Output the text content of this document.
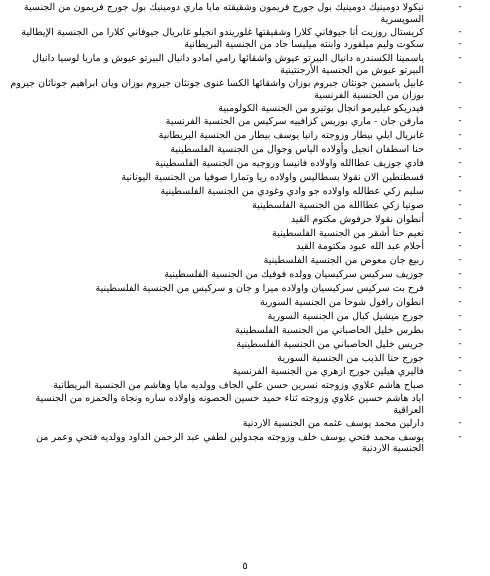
-
نيكولا دومينيك دومينيك بول جورج فريمون وشقيقته مايا ماري دومينيك بول جورج فريمون من الجنسية السويسرية
-
كريستال روزيت أنا جيوفاني كلارا وشقيقتها غلوريندو انجيلو غابريال جيوفاني كلارا من الجنسية الإيطالية
-
سكوت وليم ميلفورد وابنته ميليسا جاد من الجنسية البريطانية
-
ياسمينا الكسندره دانيال البيرتو عيوش واشقائها رامي امادو دانيال البيرتو عيوش و ماريا لوسيا دانيال البيرتو عيوش من الجنسية الأرجنتينية
-
غابيل ياسمين جونثان جبروم بوزان واشقائها الكسا غنوى جونثان جيروم بوزان ويان ابراهيم جوناثان جيروم بوزان من الجنسية الفرنسية
-
فيدريكو غيليرمو انجال بوتيرو من الجنسية الكولومبية
-
مارفن جان - ماري بوريس كزافييه سركيس من الجنسية الفرنسية
-
غابريال ايلي بيطار وزوجته رانيا يوسف بيطار من الجنسية البريطانية
-
حنا اسطفان انجيل وأولاده الياس وجوال من الجنسية الفلسطينية
-
فادي جوزيف عطاالله واولاده فانيسا وروجيه من الجنسية الفلسطينية
-
قسطنطين الان نقولا بسطاليس واولاده ريا وتمارا صوفيا من الجنسية اليونانية
-
سليم زكي عطالله واولاده جو وادي وغودي من الجنسية الفلسطينية
-
صونيا زكي عطاالله من الجنسية الفلسطينية
-
أنطوان نقولا حرفوش مكتوم القيد
-
نعيم حنا أشقر من الجنسية الفلسطينية
-
أحلام عبد الله عبود مكتومة القيد
-
ربيع جان معوض من الجنسية الفلسطينية
-
جوزيف سركيس سركيسيان وولده فوفيك من الجنسية الفلسطينية
-
فرح بت سركيس سركيسيان واولاده ميرا و جان و سركيس من الجنسية الفلسطينية
-
انطوان رافول شوحا من الجنسية السورية
-
جورج ميشيل كبال من الجنسية السورية
-
بطرس خليل الحاصباني من الجنسية الفلسطينية
-
جريس خليل الحاصباني من الجنسية الفلسطينية
-
جورج حنا الذيب من الجنسية السورية
-
فاليري هيلين جورج ازهري من الجنسية الفرنسية
-
صباح هاشم علاوي وزوجته نسرين حسن علي الجاف وولديه مايا وهاشم من الجنسية البريطانية
-
اياد هاشم حسين علاوي وزوجته ثناء حميد حسين الحصونه واولاده ساره ونجاة والحمزه من الجنسية العراقية
-
دارلين محمد يوسف عثمه من الجنسية الاردنية
-
يوسف محمد فتحي يوسف خلف وزوجته مجدولين لطفي عبد الرحمن الداود وولديه فتحي وعمر من الجنسية الاردنية
٥
